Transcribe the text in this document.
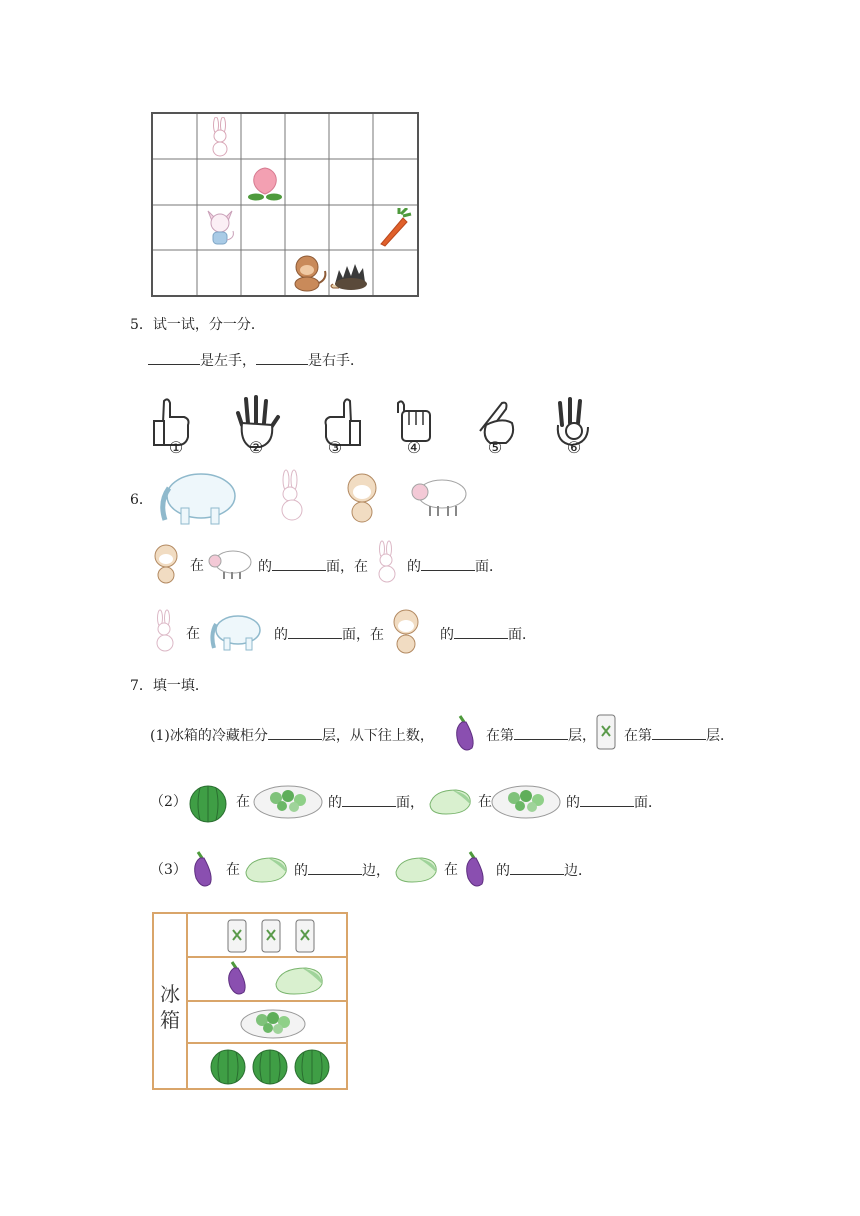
5．试一试，分一分．
是左手，	是右手．
①	②	③	④	⑤	⑥
6．
在	的	面，在	的	面．
在	的	面，在	的	面．
7．填一填．
(1)冰箱的冷藏柜分	层，从下往上数，	在第	层， 在第	层．
（2）	在	的	面，	在	的	面．
（3）	在	的	边，	在	的	边．
冰
箱
